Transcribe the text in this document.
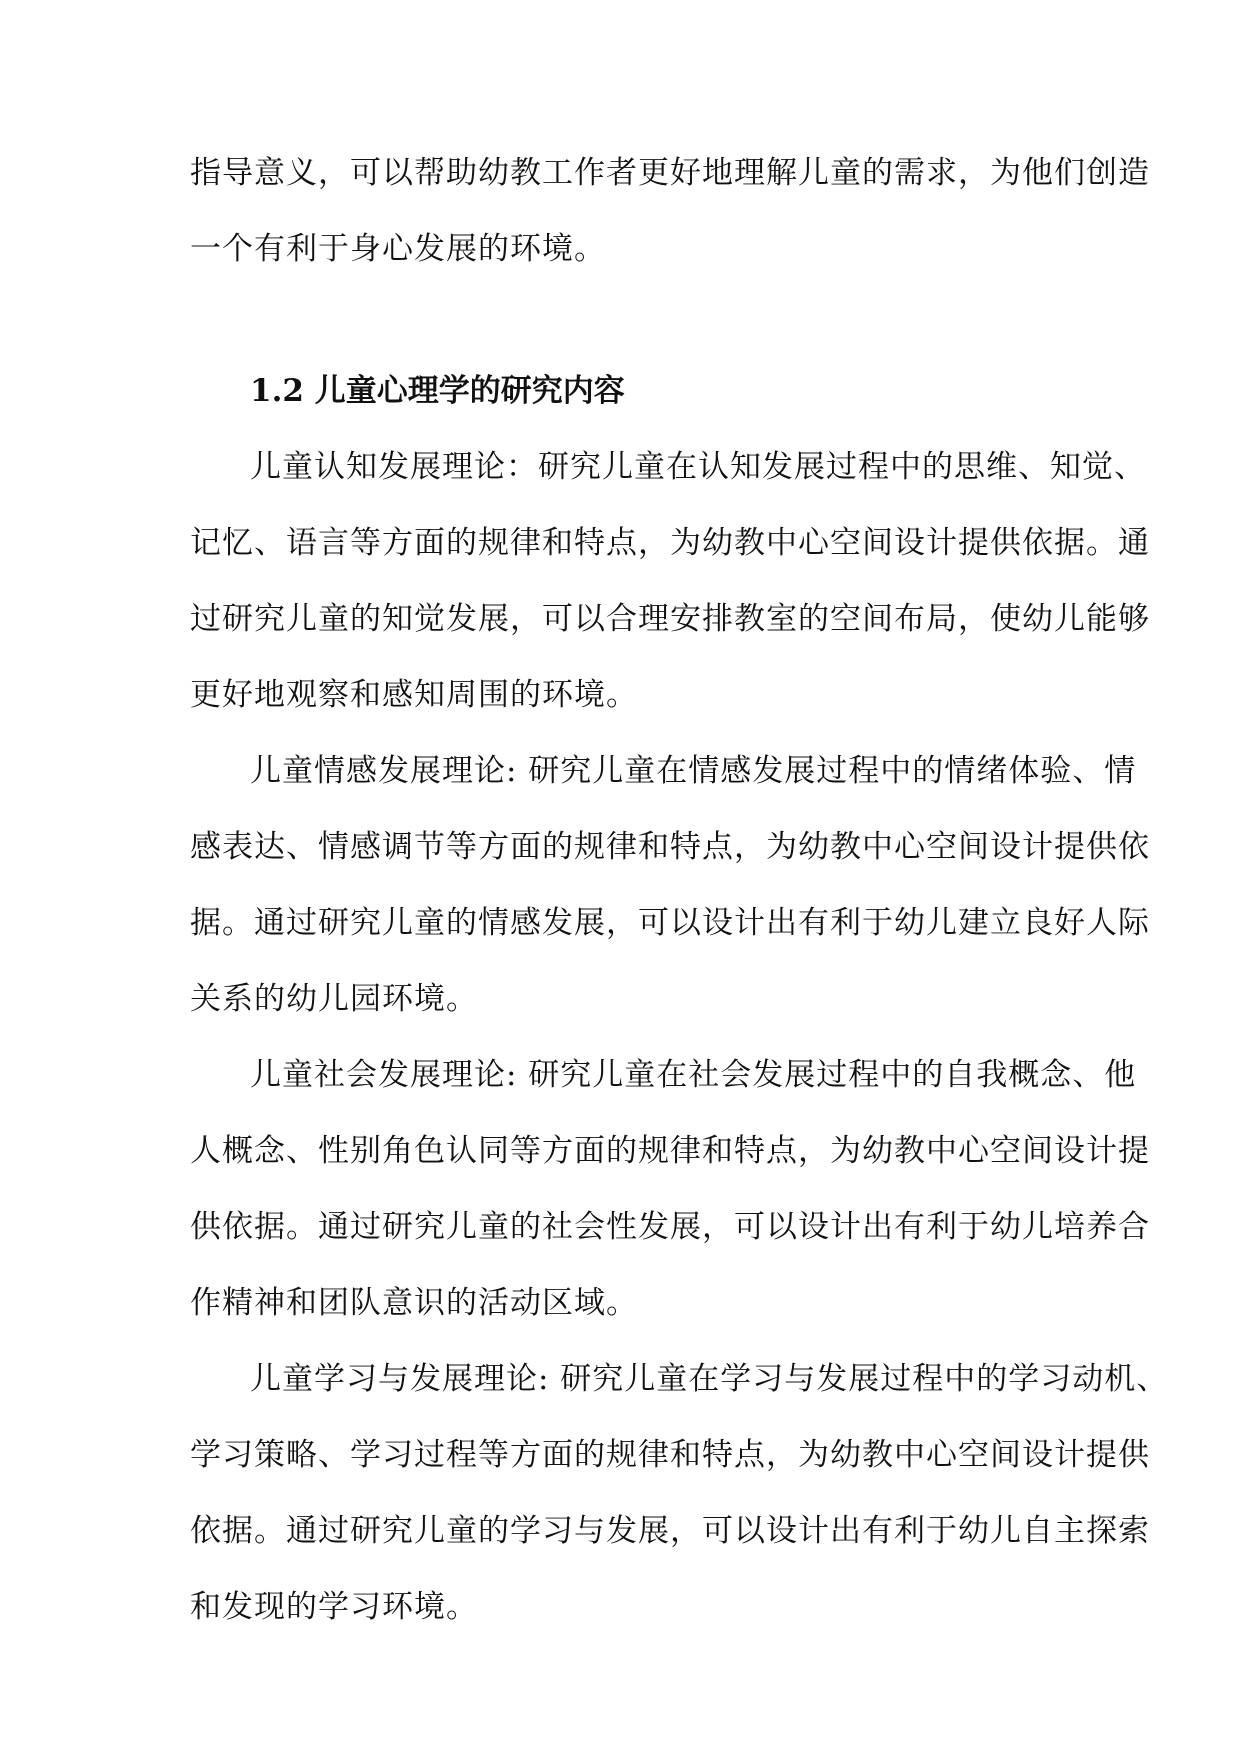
指导意义，可以帮助幼教工作者更好地理解儿童的需求，为他们创造
一个有利于身心发展的环境。
1.2 儿童心理学的研究内容
儿童认知发展理论：研究儿童在认知发展过程中的思维、知觉、
记忆、语言等方面的规律和特点，为幼教中心空间设计提供依据。通
过研究儿童的知觉发展，可以合理安排教室的空间布局，使幼儿能够
更好地观察和感知周围的环境。
儿童情感发展理论: 研究儿童在情感发展过程中的情绪体验、情
感表达、情感调节等方面的规律和特点，为幼教中心空间设计提供依
据。通过研究儿童的情感发展，可以设计出有利于幼儿建立良好人际
关系的幼儿园环境。
儿童社会发展理论: 研究儿童在社会发展过程中的自我概念、他
人概念、性别角色认同等方面的规律和特点，为幼教中心空间设计提
供依据。通过研究儿童的社会性发展，可以设计出有利于幼儿培养合
作精神和团队意识的活动区域。
儿童学习与发展理论: 研究儿童在学习与发展过程中的学习动机、
学习策略、学习过程等方面的规律和特点，为幼教中心空间设计提供
依据。通过研究儿童的学习与发展，可以设计出有利于幼儿自主探索
和发现的学习环境。
